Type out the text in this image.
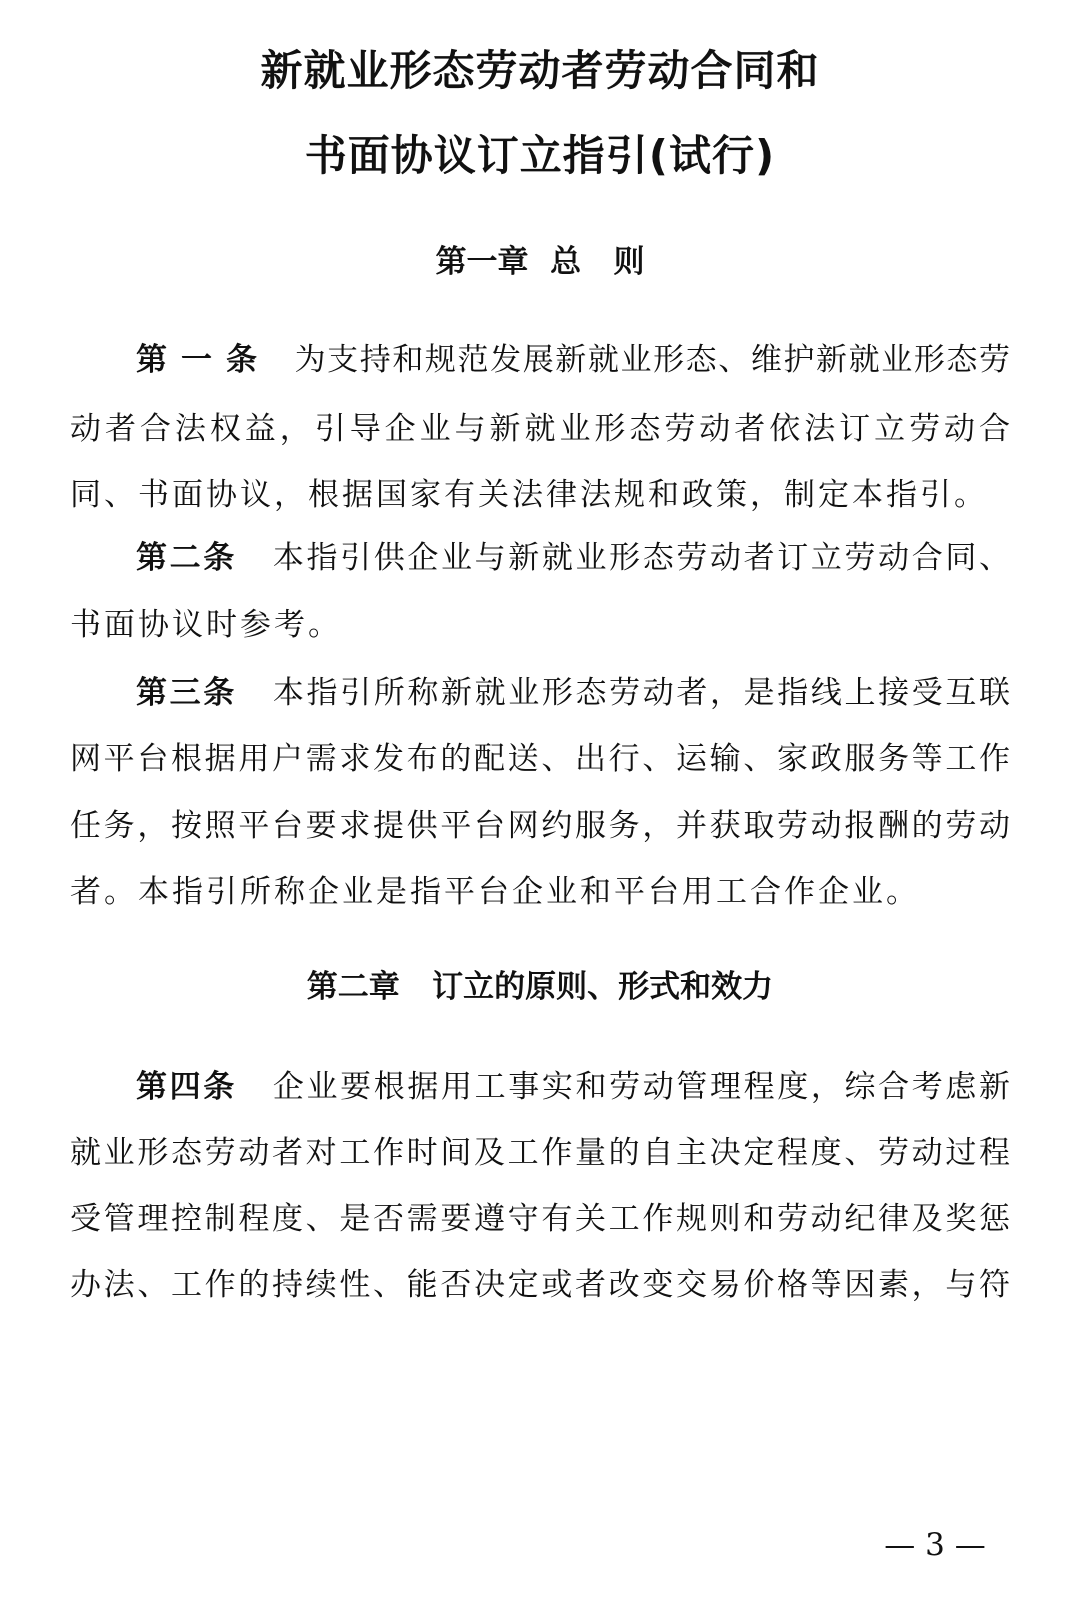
新就业形态劳动者劳动合同和
书面协议订立指引(试行)
第一章  总   则
第 一 条 为支持和规范发展新就业形态、维护新就业形态劳
动者合法权益，引导企业与新就业形态劳动者依法订立劳动合
同、书面协议，根据国家有关法律法规和政策，制定本指引。
第二条 本指引供企业与新就业形态劳动者订立劳动合同、
书面协议时参考。
第三条 本指引所称新就业形态劳动者，是指线上接受互联
网平台根据用户需求发布的配送、出行、运输、家政服务等工作
任务，按照平台要求提供平台网约服务，并获取劳动报酬的劳动
者。本指引所称企业是指平台企业和平台用工合作企业。
第二章   订立的原则、形式和效力
第四条 企业要根据用工事实和劳动管理程度，综合考虑新
就业形态劳动者对工作时间及工作量的自主决定程度、劳动过程
受管理控制程度、是否需要遵守有关工作规则和劳动纪律及奖惩
办法、工作的持续性、能否决定或者改变交易价格等因素，与符
— 3 —
